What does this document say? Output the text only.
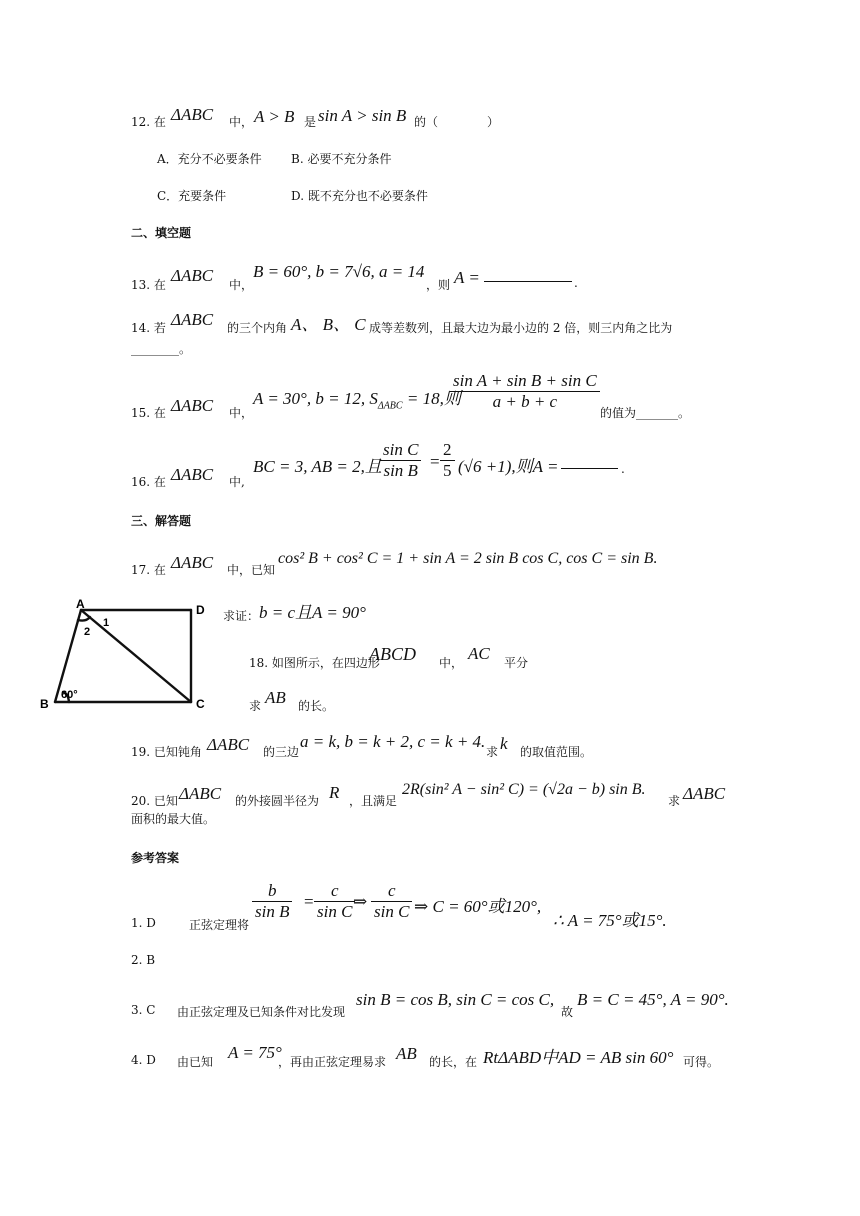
12. 在 ΔABC 中， A > B 是 sin A > sin B 的（	）
A．充分不必要条件 B. 必要不充分条件
C．充要条件	D. 既不充分也不必要条件
二、填空题
13. 在 ΔABC 中，
B = 60°, b = 7√6, a = 14
，则 A =	.
14. 若 ΔABC 的三个内角 A、 B、 C 成等差数列，且最大边为最小边的 2 倍，则三内角之比为
________。
15. 在 ΔABC 中，
A = 30°, b = 12, $S_{\Delta ABC} = 18$,则
$\frac{\text{sin A + sin B + sin C}}{a + b + c}$
的值为_______。
16. 在 ΔABC 中,
BC = 3, AB = 2,且
$\frac{\text{sin C}}{\text{sin B}} = \frac{2}{5} (√6 +1)$,则A =	.
三、解答题
17. 在 ΔABC 中，已知
cos² B + cos² C = 1 + sin A = 2 sin B cos C, cos C = sin B.
求证： b = c且A = 90°
A	D
B	C
1
2
60°
18. 如图所示，在四边形
ABCD 中， AC 平分
求 AB 的长。
19. 已知钝角 ΔABC 的三边
a = k, b = k + 2, c = k + 4.
求 k 的取值范围。
20. 已知 ΔABC 的外接圆半径为 R ，且满足
2R(sin² A − sin² C) = (√2a − b) sin B.
求 ΔABC
面积的最大值。
参考答案
1. D	正弦定理将
$\frac{b}{\text{sin B}} = \frac{c}{\text{sin C}}$
⇒ $\frac{c}{\text{sin C}}$ ⇒ C = 60°或120°,
∴ A = 75°或15°.
2. B
3. C 由正弦定理及已知条件对比发现
sin B = cos B, sin C = cos C,
故
B = C = 45°, A = 90°.
4. D 由已知 A = 75°
，再由正弦定理易求 AB 的长，在 RtΔABD中AD = AB sin 60° 可得。
